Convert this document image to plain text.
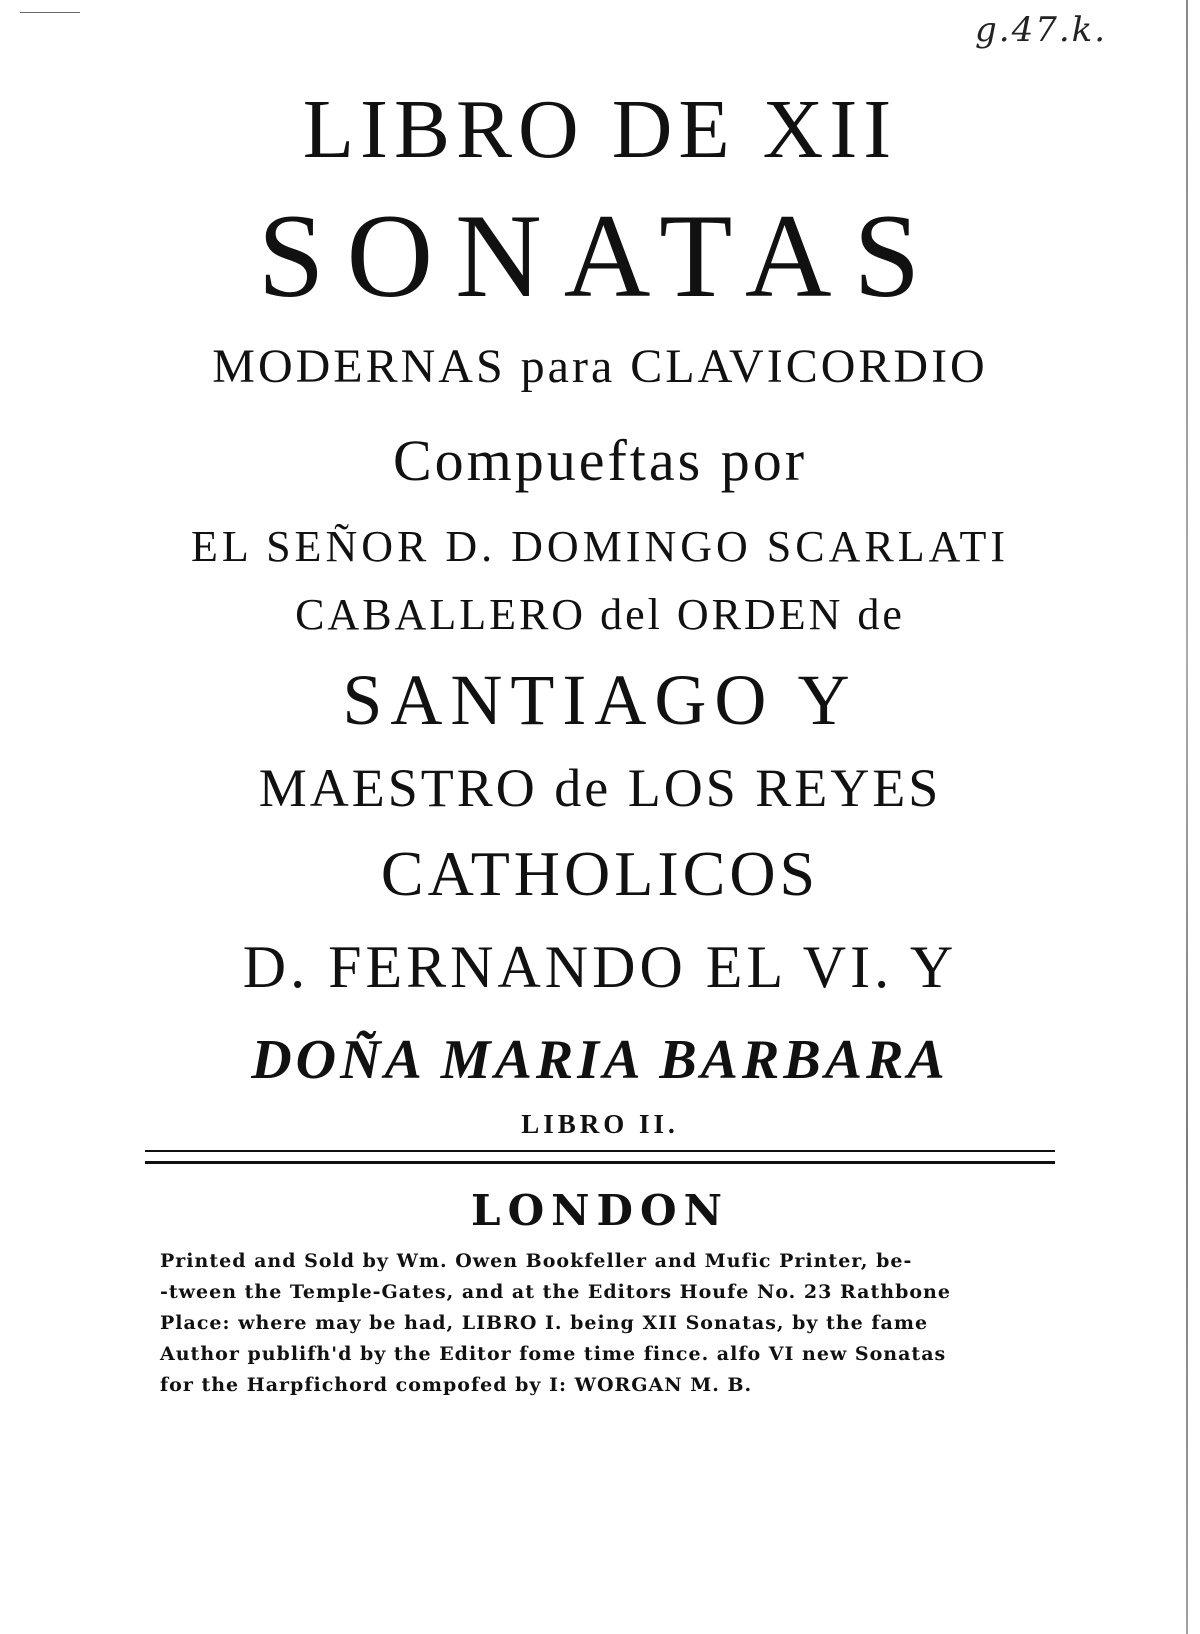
g.47.k.
LIBRO DE XII
SONATAS
MODERNAS para CLAVICORDIO
Compueftas por
EL SEÑOR D. DOMINGO SCARLATI
CABALLERO del ORDEN de
SANTIAGO Y
MAESTRO de LOS REYES
CATHOLICOS
D. FERNANDO EL VI. Y
DOÑA MARIA BARBARA
LIBRO II.
LONDON
Printed and Sold by Wm. Owen Bookfeller and Mufic Printer, be-
-tween the Temple-Gates, and at the Editors Houfe No. 23 Rathbone
Place: where may be had, LIBRO I. being XII Sonatas, by the fame
Author publifh'd by the Editor fome time fince. alfo VI new Sonatas
for the Harpfichord compofed by I: WORGAN M. B.
